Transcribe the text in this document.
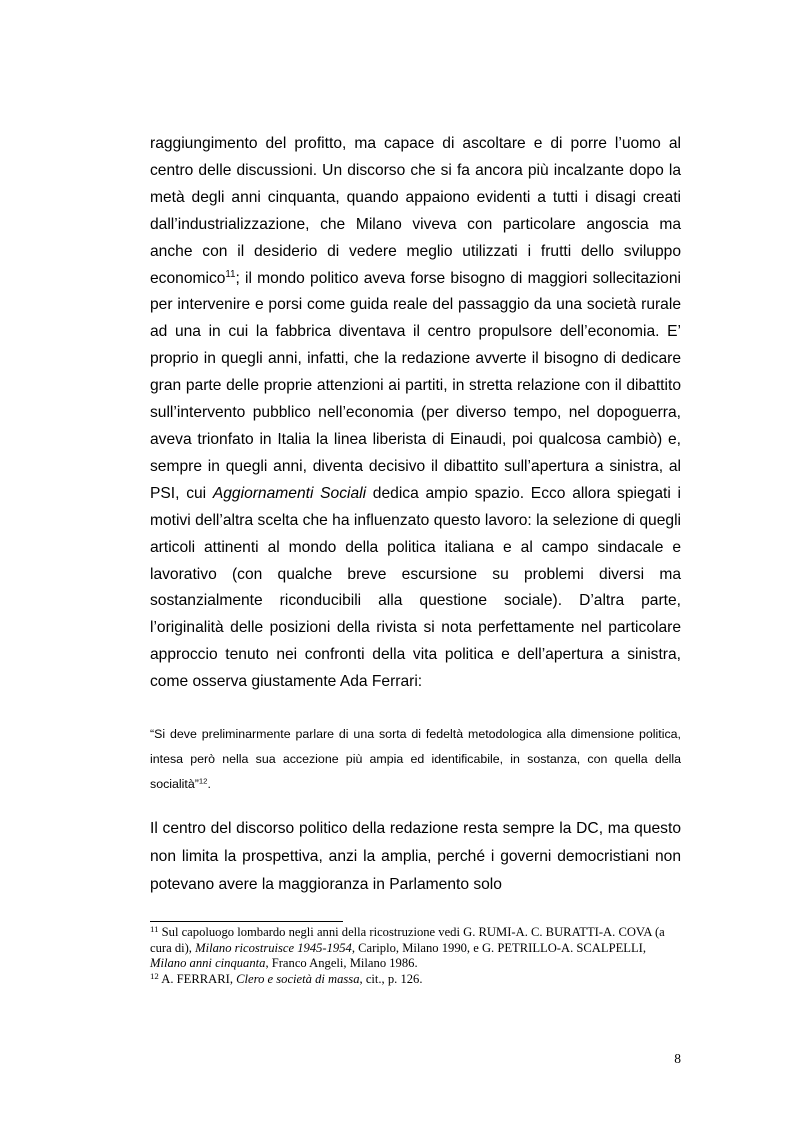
raggiungimento del profitto, ma capace di ascoltare e di porre l’uomo al centro delle discussioni. Un discorso che si fa ancora più incalzante dopo la metà degli anni cinquanta, quando appaiono evidenti a tutti i disagi creati dall’industrializzazione, che Milano viveva con particolare angoscia ma anche con il desiderio di vedere meglio utilizzati i frutti dello sviluppo economico$^{11}$; il mondo politico aveva forse bisogno di maggiori sollecitazioni per intervenire e porsi come guida reale del passaggio da una società rurale ad una in cui la fabbrica diventava il centro propulsore dell’economia. E’ proprio in quegli anni, infatti, che la redazione avverte il bisogno di dedicare gran parte delle proprie attenzioni ai partiti, in stretta relazione con il dibattito sull’intervento pubblico nell’economia (per diverso tempo, nel dopoguerra, aveva trionfato in Italia la linea liberista di Einaudi, poi qualcosa cambiò) e, sempre in quegli anni, diventa decisivo il dibattito sull’apertura a sinistra, al PSI, cui Aggiornamenti Sociali dedica ampio spazio. Ecco allora spiegati i motivi dell’altra scelta che ha influenzato questo lavoro: la selezione di quegli articoli attinenti al mondo della politica italiana e al campo sindacale e lavorativo (con qualche breve escursione su problemi diversi ma sostanzialmente riconducibili alla questione sociale). D’altra parte, l’originalità delle posizioni della rivista si nota perfettamente nel particolare approccio tenuto nei confronti della vita politica e dell’apertura a sinistra, come osserva giustamente Ada Ferrari:

“Si deve preliminarmente parlare di una sorta di fedeltà metodologica alla dimensione politica, intesa però nella sua accezione più ampia ed identificabile, in sostanza, con quella della socialità”$^{12}$.

Il centro del discorso politico della redazione resta sempre la DC, ma questo non limita la prospettiva, anzi la amplia, perché i governi democristiani non potevano avere la maggioranza in Parlamento solo

$^{11}$ Sul capoluogo lombardo negli anni della ricostruzione vedi G. RUMI-A. C. BURATTI-A. COVA (a cura di), Milano ricostruisce 1945-1954, Cariplo, Milano 1990, e G. PETRILLO-A. SCALPELLI, Milano anni cinquanta, Franco Angeli, Milano 1986.

$^{12}$ A. FERRARI, Clero e società di massa, cit., p. 126.

8
